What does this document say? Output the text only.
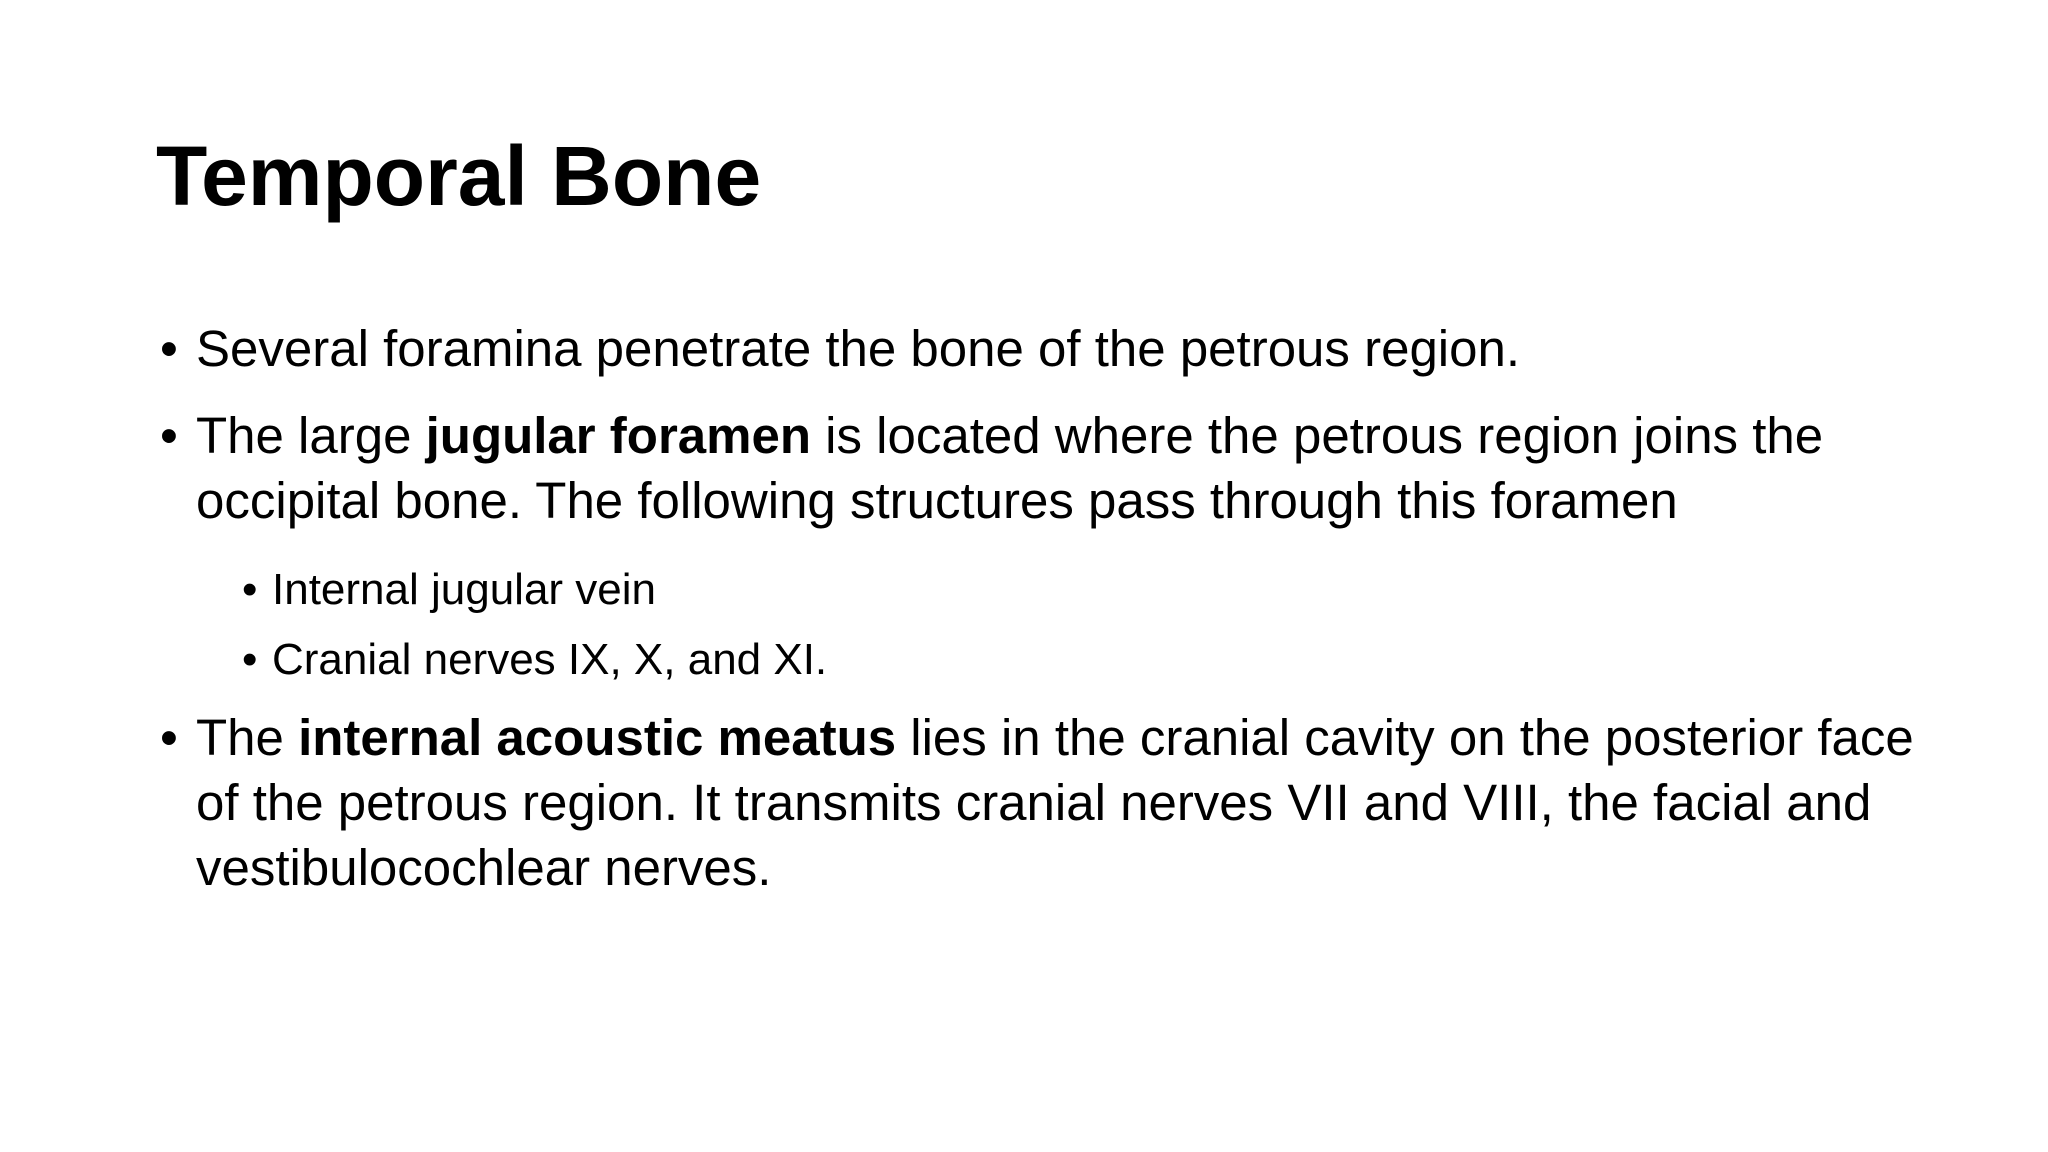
Temporal Bone
• Several foramina penetrate the bone of the petrous region.
• The large jugular foramen is located where the petrous region joins the occipital bone. The following structures pass through this foramen
• Internal jugular vein
• Cranial nerves IX, X, and XI.
• The internal acoustic meatus lies in the cranial cavity on the posterior face of the petrous region. It transmits cranial nerves VII and VIII, the facial and vestibulocochlear nerves.
